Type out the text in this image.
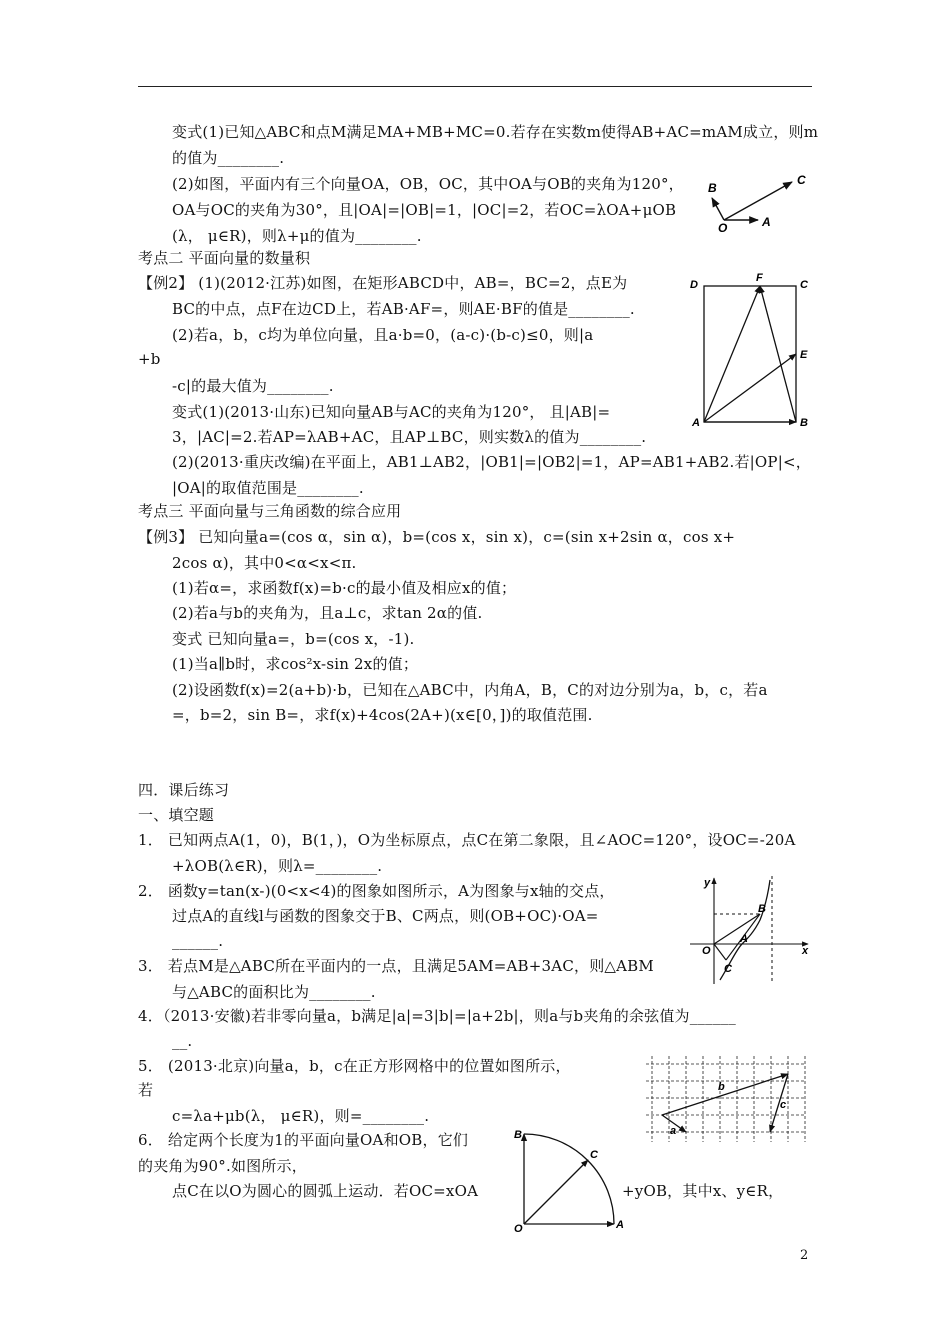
变式(1)已知△ABC和点M满足MA+MB+MC=0.若存在实数m使得AB+AC=mAM成立，则m
的值为________.
(2)如图，平面内有三个向量OA，OB，OC，其中OA与OB的夹角为120°，
OA与OC的夹角为30°，且|OA|=|OB|=1，|OC|=2，若OC=λOA+μOB
(λ， μ∈R)，则λ+μ的值为________.
考点二 平面向量的数量积
【例2】 (1)(2012·江苏)如图，在矩形ABCD中，AB=，BC=2，点E为
BC的中点，点F在边CD上，若AB·AF=，则AE·BF的值是________.
(2)若a，b，c均为单位向量，且a·b=0，(a-c)·(b-c)≤0，则|a
+b
-c|的最大值为________.
变式(1)(2013·山东)已知向量AB与AC的夹角为120°， 且|AB|=
3，|AC|=2.若AP=λAB+AC，且AP⊥BC，则实数λ的值为________.
(2)(2013·重庆改编)在平面上，AB1⊥AB2，|OB1|=|OB2|=1，AP=AB1+AB2.若|OP|<，
|OA|的取值范围是________.
考点三 平面向量与三角函数的综合应用
【例3】 已知向量a=(cos α，sin α)，b=(cos x，sin x)，c=(sin x+2sin α，cos x+
2cos α)，其中0<α<x<π.
(1)若α=，求函数f(x)=b·c的最小值及相应x的值；
(2)若a与b的夹角为，且a⊥c，求tan 2α的值.
变式 已知向量a=，b=(cos x，-1).
(1)当a∥b时，求cos²x-sin 2x的值；
(2)设函数f(x)=2(a+b)·b，已知在△ABC中，内角A，B，C的对边分别为a，b，c，若a
=，b=2，sin B=，求f(x)+4cos(2A+)(x∈[0，])的取值范围.
四．课后练习
一、填空题
1． 已知两点A(1，0)，B(1，)，O为坐标原点，点C在第二象限，且∠AOC=120°，设OC=-20A
+λOB(λ∈R)，则λ=________.
2． 函数y=tan(x-)(0<x<4)的图象如图所示，A为图象与x轴的交点，
过点A的直线l与函数的图象交于B、C两点，则(OB+OC)·OA=
______.
3． 若点M是△ABC所在平面内的一点，且满足5AM=AB+3AC，则△ABM
与△ABC的面积比为________.
4．（2013·安徽)若非零向量a，b满足|a|=3|b|=|a+2b|，则a与b夹角的余弦值为______
__.
5． (2013·北京)向量a，b，c在正方形网格中的位置如图所示，
若
c=λa+μb(λ， μ∈R)，则=________.
6． 给定两个长度为1的平面向量OA和OB，它们
的夹角为90°.如图所示，
点C在以O为圆心的圆弧上运动．若OC=xOA	+yOB，其中x、y∈R，
B
C
O	A
D
F
C
E
A	B
y
B
O
A
x
C
b
c
a
B
C
O	A
2
